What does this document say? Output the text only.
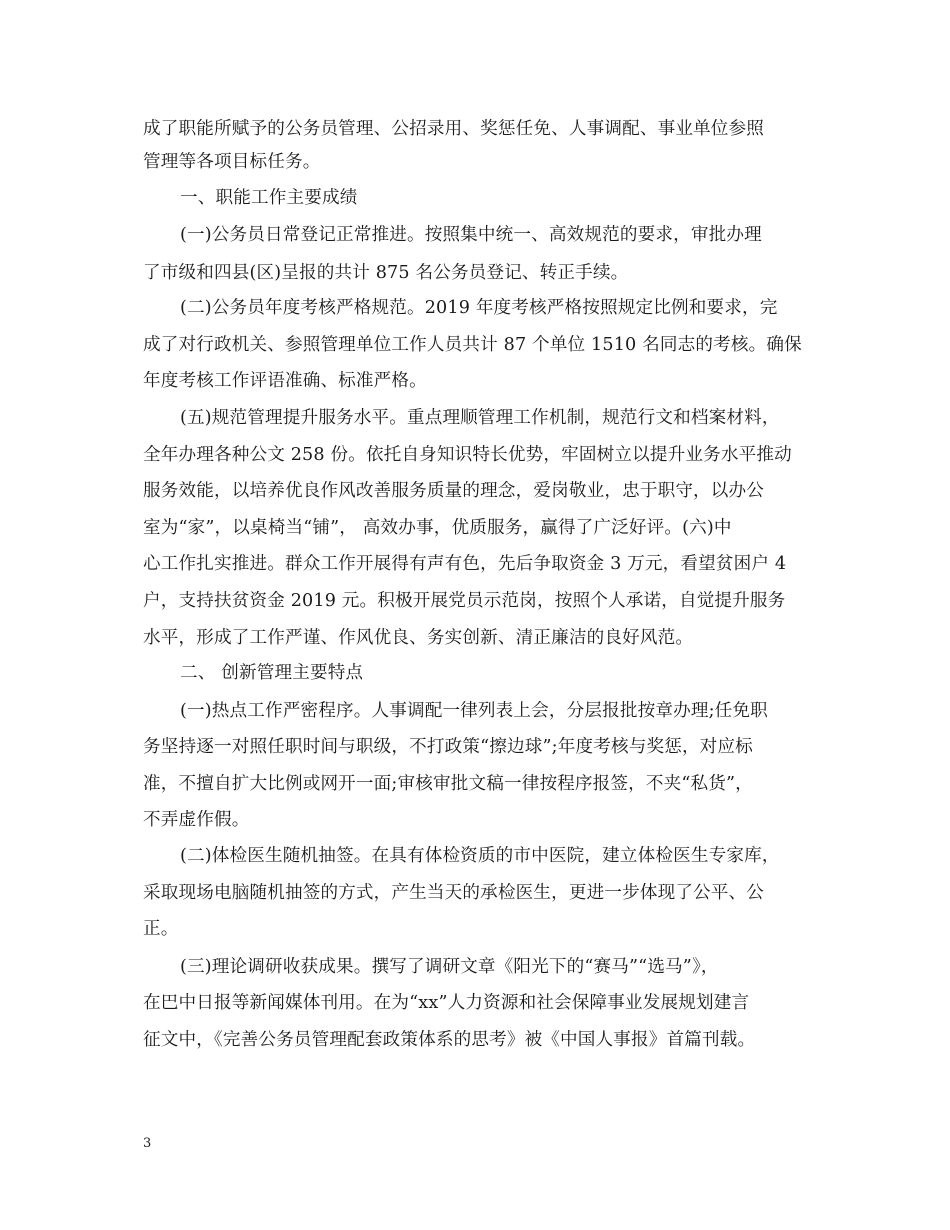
成了职能所赋予的公务员管理、公招录用、奖惩任免、人事调配、事业单位参照
管理等各项目标任务。
一、职能工作主要成绩
(一)公务员日常登记正常推进。按照集中统一、高效规范的要求，审批办理
了市级和四县(区)呈报的共计 875 名公务员登记、转正手续。
(二)公务员年度考核严格规范。2019 年度考核严格按照规定比例和要求，完
成了对行政机关、参照管理单位工作人员共计 87 个单位 1510 名同志的考核。确保
年度考核工作评语准确、标准严格。
(五)规范管理提升服务水平。重点理顺管理工作机制，规范行文和档案材料，
全年办理各种公文 258 份。依托自身知识特长优势，牢固树立以提升业务水平推动
服务效能，以培养优良作风改善服务质量的理念，爱岗敬业，忠于职守，以办公
室为“家”，以桌椅当“铺”， 高效办事，优质服务，赢得了广泛好评。(六)中
心工作扎实推进。群众工作开展得有声有色，先后争取资金 3 万元，看望贫困户 4
户，支持扶贫资金 2019 元。积极开展党员示范岗，按照个人承诺，自觉提升服务
水平，形成了工作严谨、作风优良、务实创新、清正廉洁的良好风范。
二、 创新管理主要特点
(一)热点工作严密程序。人事调配一律列表上会，分层报批按章办理;任免职
务坚持逐一对照任职时间与职级，不打政策“擦边球”;年度考核与奖惩，对应标
准，不擅自扩大比例或网开一面;审核审批文稿一律按程序报签，不夹“私货”，
不弄虚作假。
(二)体检医生随机抽签。在具有体检资质的市中医院，建立体检医生专家库，
采取现场电脑随机抽签的方式，产生当天的承检医生，更进一步体现了公平、公
正。
(三)理论调研收获成果。撰写了调研文章《阳光下的“赛马”“选马”》，
在巴中日报等新闻媒体刊用。在为“xx”人力资源和社会保障事业发展规划建言
征文中，《完善公务员管理配套政策体系的思考》被《中国人事报》首篇刊载。
3
